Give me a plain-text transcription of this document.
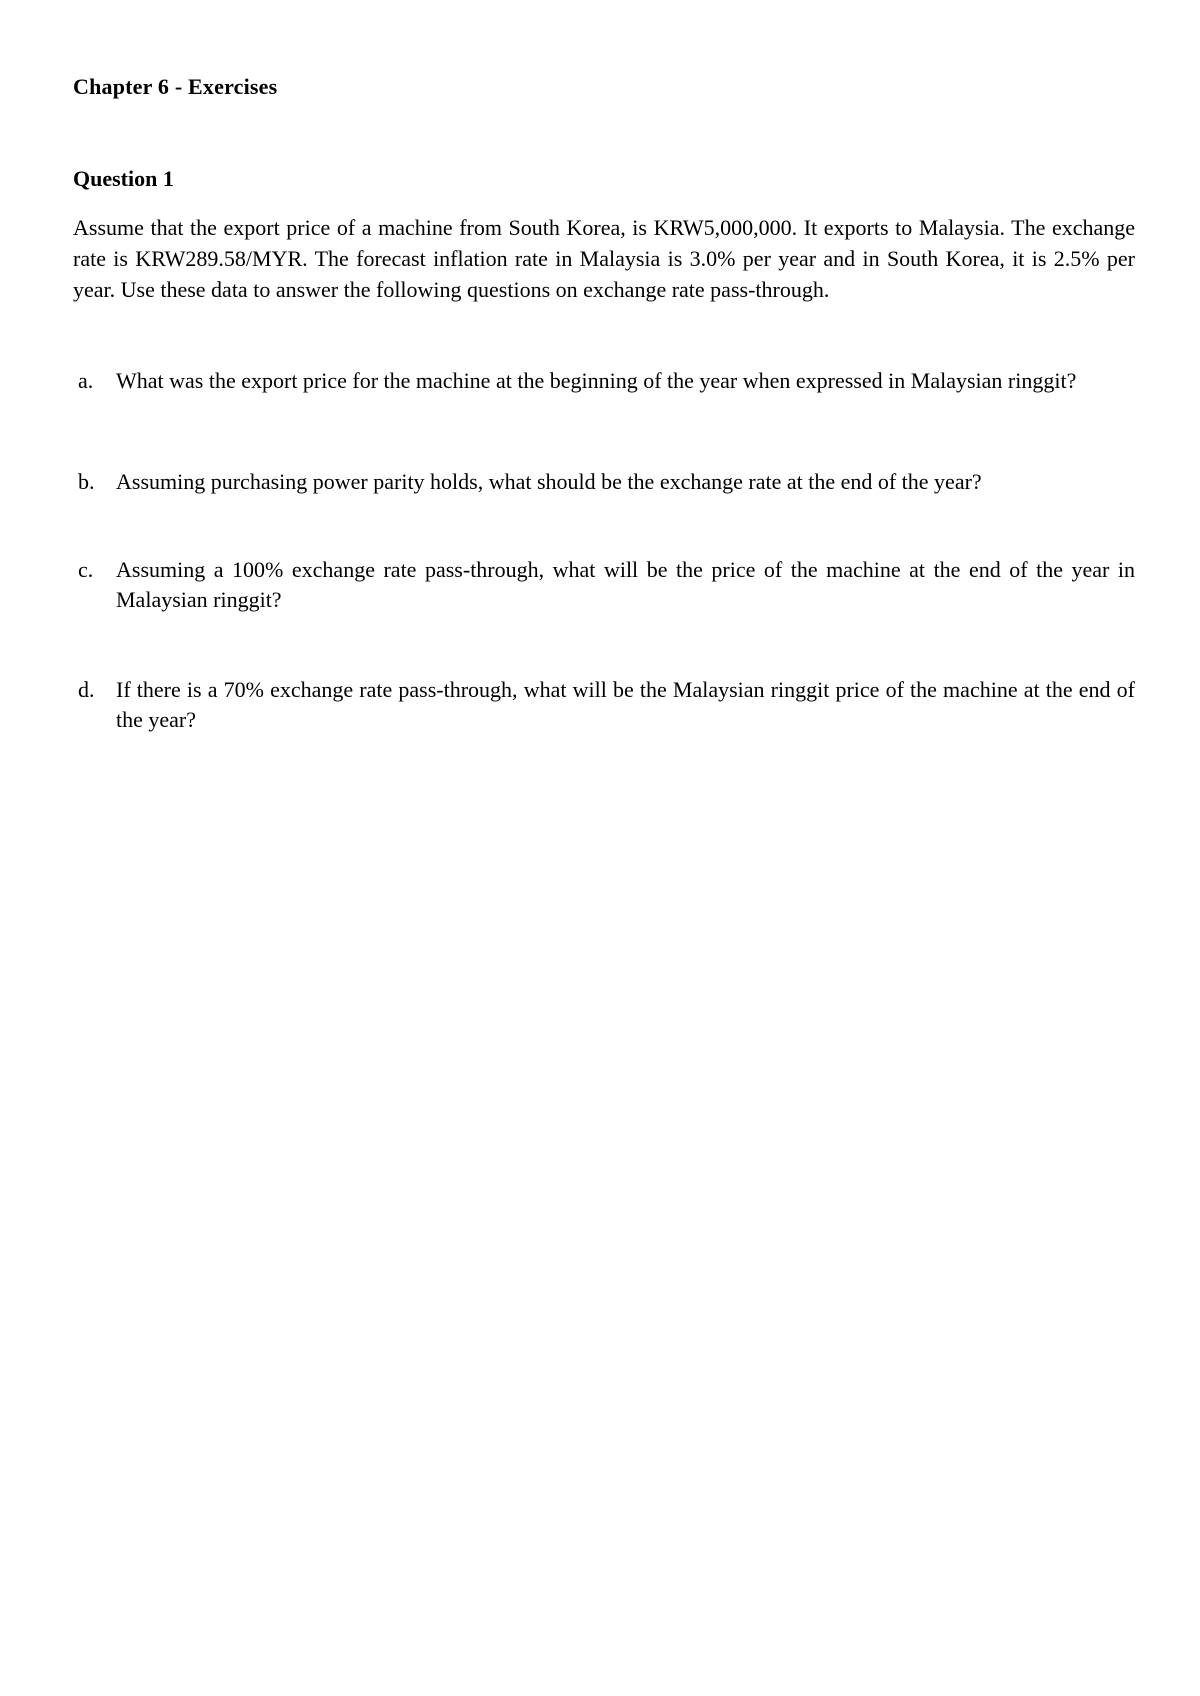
Chapter 6 - Exercises
Question 1

Assume that the export price of a machine from South Korea, is KRW5,000,000. It exports to Malaysia. The exchange rate is KRW289.58/MYR. The forecast inflation rate in Malaysia is 3.0% per year and in South Korea, it is 2.5% per year. Use these data to answer the following questions on exchange rate pass-through.

a. What was the export price for the machine at the beginning of the year when expressed in Malaysian ringgit?
b. Assuming purchasing power parity holds, what should be the exchange rate at the end of the year?
c. Assuming a 100% exchange rate pass-through, what will be the price of the machine at the end of the year in Malaysian ringgit?
d. If there is a 70% exchange rate pass-through, what will be the Malaysian ringgit price of the machine at the end of the year?
